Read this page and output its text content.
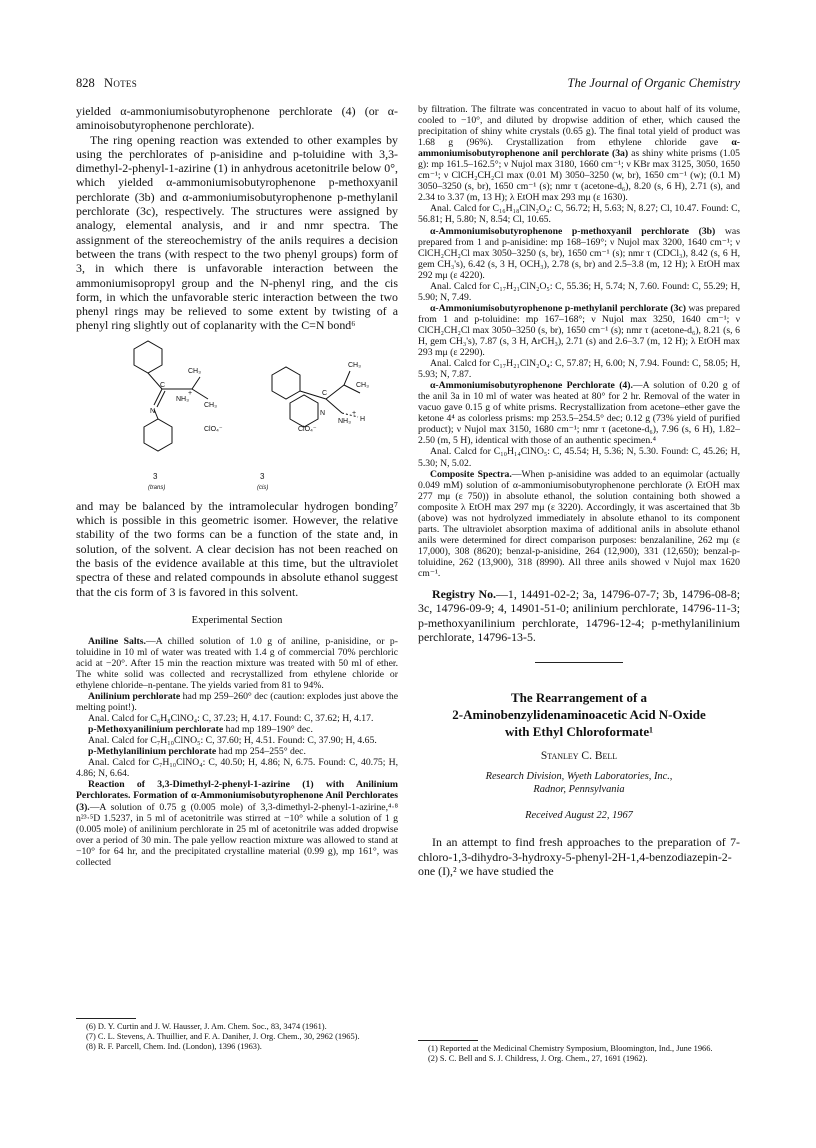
828 Notes	The Journal of Organic Chemistry

yielded α-ammoniumisobutyrophenone perchlorate (4) (or α-aminoisobutyrophenone perchlorate).

The ring opening reaction was extended to other examples by using the perchlorates of p-anisidine and p-toluidine with 3,3-dimethyl-2-phenyl-1-azirine (1) in anhydrous acetonitrile below 0°, which yielded α-ammoniumisobutyrophenone p-methoxyanil perchlorate (3b) and α-ammoniumisobutyrophenone p-methylanil perchlorate (3c), respectively. The structures were assigned by analogy, elemental analysis, and ir and nmr spectra. The assignment of the stereochemistry of the anils requires a decision between the trans (with respect to the two phenyl groups) form of 3, in which there is unfavorable interaction between the ammoniumisopropyl group and the N-phenyl ring, and the cis form, in which the unfavorable steric interaction between the two phenyl rings may be relieved to some extent by twisting of a phenyl ring slightly out of coplanarity with the C=N bond⁶

CH₃
CH₃
NH₃
+
N
C
ClO₄⁻
CH₃
CH₃
N
NH₃
+
H
C
ClO₄⁻
3
(trans)
3
(cis)

and may be balanced by the intramolecular hydrogen bonding⁷ which is possible in this geometric isomer. However, the relative stability of the two forms can be a function of the state and, in solution, of the solvent. A clear decision has not been reached on the basis of the evidence available at this time, but the ultraviolet spectra of these and related compounds in absolute ethanol suggest that the cis form of 3 is favored in this solvent.

Experimental Section

Aniline Salts.—A chilled solution of 1.0 g of aniline, p-anisidine, or p-toluidine in 10 ml of water was treated with 1.4 g of commercial 70% perchloric acid at −20°. After 15 min the reaction mixture was treated with 50 ml of ether. The white solid was collected and recrystallized from ethylene chloride or ethylene chloride–n-pentane. The yields varied from 81 to 94%.

Anilinium perchlorate had mp 259–260° dec (caution: explodes just above the melting point!).

Anal. Calcd for C₆H₈ClNO₄: C, 37.23; H, 4.17. Found: C, 37.62; H, 4.17.

p-Methoxyanilinium perchlorate had mp 189–190° dec.

Anal. Calcd for C₇H₁₀ClNO₅: C, 37.60; H, 4.51. Found: C, 37.90; H, 4.65.

p-Methylanilinium perchlorate had mp 254–255° dec.

Anal. Calcd for C₇H₁₀ClNO₄: C, 40.50; H, 4.86; N, 6.75. Found: C, 40.75; H, 4.86; N, 6.64.

Reaction of 3,3-Dimethyl-2-phenyl-1-azirine (1) with Anilinium Perchlorates. Formation of α-Ammoniumisobutyrophenone Anil Perchlorates (3).—A solution of 0.75 g (0.005 mole) of 3,3-dimethyl-2-phenyl-1-azirine,⁴·⁸ n²³·⁵D 1.5237, in 5 ml of acetonitrile was stirred at −10° while a solution of 1 g (0.005 mole) of anilinium perchlorate in 25 ml of acetonitrile was added dropwise over a period of 30 min. The pale yellow reaction mixture was allowed to stand at −10° for 64 hr, and the precipitated crystalline material (0.99 g), mp 161°, was collected

(6) D. Y. Curtin and J. W. Hausser, J. Am. Chem. Soc., 83, 3474 (1961).

(7) C. L. Stevens, A. Thuillier, and F. A. Daniher, J. Org. Chem., 30, 2962 (1965).

(8) R. F. Parcell, Chem. Ind. (London), 1396 (1963).

by filtration. The filtrate was concentrated in vacuo to about half of its volume, cooled to −10°, and diluted by dropwise addition of ether, which caused the precipitation of shiny white crystals (0.65 g). The final total yield of product was 1.68 g (96%). Crystallization from ethylene chloride gave α-ammoniumisobutyrophenone anil perchlorate (3a) as shiny white prisms (1.05 g): mp 161.5–162.5°; ν Nujol max 3180, 1660 cm⁻¹; ν KBr max 3125, 3050, 1650 cm⁻¹; ν ClCH₂CH₂Cl max (0.01 M) 3050–3250 (w, br), 1650 cm⁻¹ (w); (0.1 M) 3050–3250 (s, br), 1650 cm⁻¹ (s); nmr τ (acetone-d₆), 8.20 (s, 6 H), 2.71 (s), and 2.34 to 3.37 (m, 13 H); λ EtOH max 293 mμ (ε 1630).

Anal. Calcd for C₁₆H₁₈ClN₂O₄: C, 56.72; H, 5.63; N, 8.27; Cl, 10.47. Found: C, 56.81; H, 5.80; N, 8.54; Cl, 10.65.

α-Ammoniumisobutyrophenone p-methoxyanil perchlorate (3b) was prepared from 1 and p-anisidine: mp 168–169°; ν Nujol max 3200, 1640 cm⁻¹; ν ClCH₂CH₂Cl max 3050–3250 (s, br), 1650 cm⁻¹ (s); nmr τ (CDCl₃), 8.42 (s, 6 H, gem CH₃'s), 6.42 (s, 3 H, OCH₃), 2.78 (s, br) and 2.5–3.8 (m, 12 H); λ EtOH max 292 mμ (ε 4220).

Anal. Calcd for C₁₇H₂₁ClN₂O₅: C, 55.36; H, 5.74; N, 7.60. Found: C, 55.29; H, 5.90; N, 7.49.

α-Ammoniumisobutyrophenone p-methylanil perchlorate (3c) was prepared from 1 and p-toluidine: mp 167–168°; ν Nujol max 3250, 1640 cm⁻¹; ν ClCH₂CH₂Cl max 3050–3250 (s, br), 1650 cm⁻¹ (s); nmr τ (acetone-d₆), 8.21 (s, 6 H, gem CH₃'s), 7.87 (s, 3 H, ArCH₃), 2.71 (s) and 2.6–3.7 (m, 12 H); λ EtOH max 293 mμ (ε 2290).

Anal. Calcd for C₁₇H₂₁ClN₂O₄: C, 57.87; H, 6.00; N, 7.94. Found: C, 58.05; H, 5.93; N, 7.87.

α-Ammoniumisobutyrophenone Perchlorate (4).—A solution of 0.20 g of the anil 3a in 10 ml of water was heated at 80° for 2 hr. Removal of the water in vacuo gave 0.15 g of white prisms. Recrystallization from acetone–ether gave the ketone 4⁴ as colorless prisms: mp 253.5–254.5° dec; 0.12 g (73% yield of purified product); ν Nujol max 3150, 1680 cm⁻¹; nmr τ (acetone-d₆), 7.96 (s, 6 H), 1.82–2.50 (m, 5 H), identical with those of an authentic specimen.⁴

Anal. Calcd for C₁₀H₁₄ClNO₅: C, 45.54; H, 5.36; N, 5.30. Found: C, 45.26; H, 5.30; N, 5.02.

Composite Spectra.—When p-anisidine was added to an equimolar (actually 0.049 mM) solution of α-ammoniumisobutyrophenone perchlorate (λ EtOH max 277 mμ (ε 750)) in absolute ethanol, the solution containing both showed a composite λ EtOH max 297 mμ (ε 3220). Accordingly, it was ascertained that 3b (above) was not hydrolyzed immediately in absolute ethanol to its component parts. The ultraviolet absorption maxima of additional anils in absolute ethanol anils were determined for direct comparison purposes: benzalaniline, 262 mμ (ε 17,000), 308 (8620); benzal-p-anisidine, 264 (12,900), 331 (12,650); benzal-p-toluidine, 262 (13,900), 318 (8990). All three anils showed ν Nujol max 1620 cm⁻¹.

Registry No.—1, 14491-02-2; 3a, 14796-07-7; 3b, 14796-08-8; 3c, 14796-09-9; 4, 14901-51-0; anilinium perchlorate, 14796-11-3; p-methoxyanilinium perchlorate, 14796-12-4; p-methylanilinium perchlorate, 14796-13-5.
The Rearrangement of a
2-Aminobenzylidenaminoacetic Acid N-Oxide
with Ethyl Chloroformate¹
Stanley C. Bell
Research Division, Wyeth Laboratories, Inc.,
Radnor, Pennsylvania
Received August 22, 1967

In an attempt to find fresh approaches to the preparation of 7-chloro-1,3-dihydro-3-hydroxy-5-phenyl-2H-1,4-benzodiazepin-2-one (I),² we have studied the

(1) Reported at the Medicinal Chemistry Symposium, Bloomington, Ind., June 1966.

(2) S. C. Bell and S. J. Childress, J. Org. Chem., 27, 1691 (1962).
